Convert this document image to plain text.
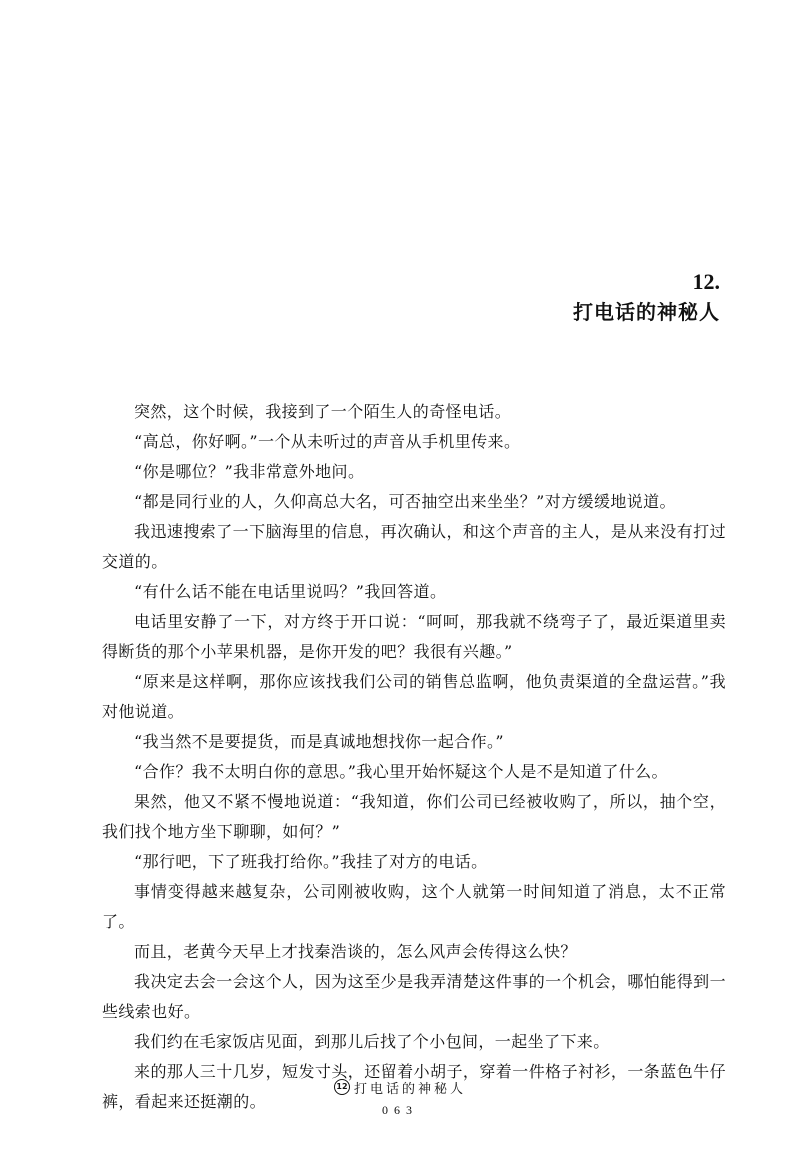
12.
打电话的神秘人

突然，这个时候，我接到了一个陌生人的奇怪电话。

“高总，你好啊。”一个从未听过的声音从手机里传来。

“你是哪位？”我非常意外地问。

“都是同行业的人，久仰高总大名，可否抽空出来坐坐？”对方缓缓地说道。

我迅速搜索了一下脑海里的信息，再次确认，和这个声音的主人，是从来没有打过交道的。

“有什么话不能在电话里说吗？”我回答道。

电话里安静了一下，对方终于开口说：“呵呵，那我就不绕弯子了，最近渠道里卖得断货的那个小苹果机器，是你开发的吧？我很有兴趣。”

“原来是这样啊，那你应该找我们公司的销售总监啊，他负责渠道的全盘运营。”我对他说道。

“我当然不是要提货，而是真诚地想找你一起合作。”

“合作？我不太明白你的意思。”我心里开始怀疑这个人是不是知道了什么。

果然，他又不紧不慢地说道：“我知道，你们公司已经被收购了，所以，抽个空，我们找个地方坐下聊聊，如何？”

“那行吧，下了班我打给你。”我挂了对方的电话。

事情变得越来越复杂，公司刚被收购，这个人就第一时间知道了消息，太不正常了。

而且，老黄今天早上才找秦浩谈的，怎么风声会传得这么快？

我决定去会一会这个人，因为这至少是我弄清楚这件事的一个机会，哪怕能得到一些线索也好。

我们约在毛家饭店见面，到那儿后找了个小包间，一起坐了下来。

来的那人三十几岁，短发寸头，还留着小胡子，穿着一件格子衬衫，一条蓝色牛仔裤，看起来还挺潮的。

12 打电话的神秘人
063
